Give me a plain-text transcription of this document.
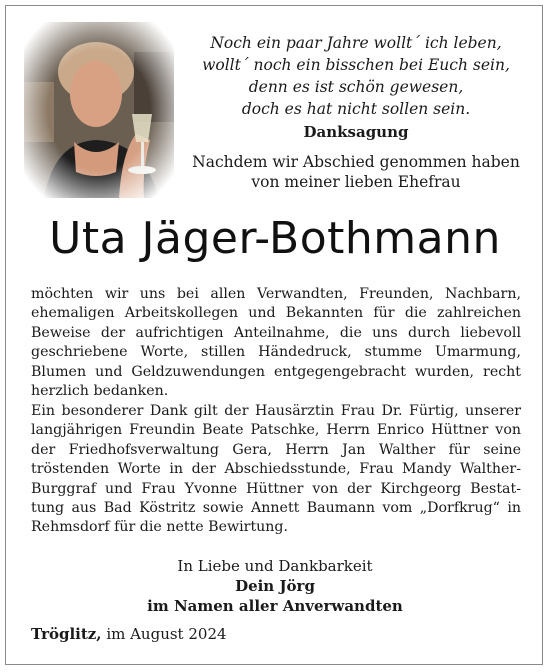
Noch ein paar Jahre wollt´ ich leben,
wollt´ noch ein bisschen bei Euch sein,
denn es ist schön gewesen,
doch es hat nicht sollen sein.
Danksagung
Nachdem wir Abschied genommen haben
von meiner lieben Ehefrau
Uta Jäger-Bothmann
möchten wir uns bei allen Verwandten, Freunden, Nachbarn,
ehemaligen Arbeitskollegen und Bekannten für die zahlreichen
Beweise der aufrichtigen Anteilnahme, die uns durch liebevoll
geschriebene Worte, stillen Händedruck, stumme Umarmung,
Blumen und Geldzuwendungen entgegengebracht wurden, recht
herzlich bedanken.
Ein besonderer Dank gilt der Hausärztin Frau Dr. Fürtig, unserer
langjährigen Freundin Beate Patschke, Herrn Enrico Hüttner von
der Friedhofsverwaltung Gera, Herrn Jan Walther für seine
tröstenden Worte in der Abschiedsstunde, Frau Mandy Walther-
Burggraf und Frau Yvonne Hüttner von der Kirchgeorg Bestat-
tung aus Bad Köstritz sowie Annett Baumann vom „Dorfkrug“ in
Rehmsdorf für die nette Bewirtung.
In Liebe und Dankbarkeit
Dein Jörg
im Namen aller Anverwandten
Tröglitz, im August 2024
